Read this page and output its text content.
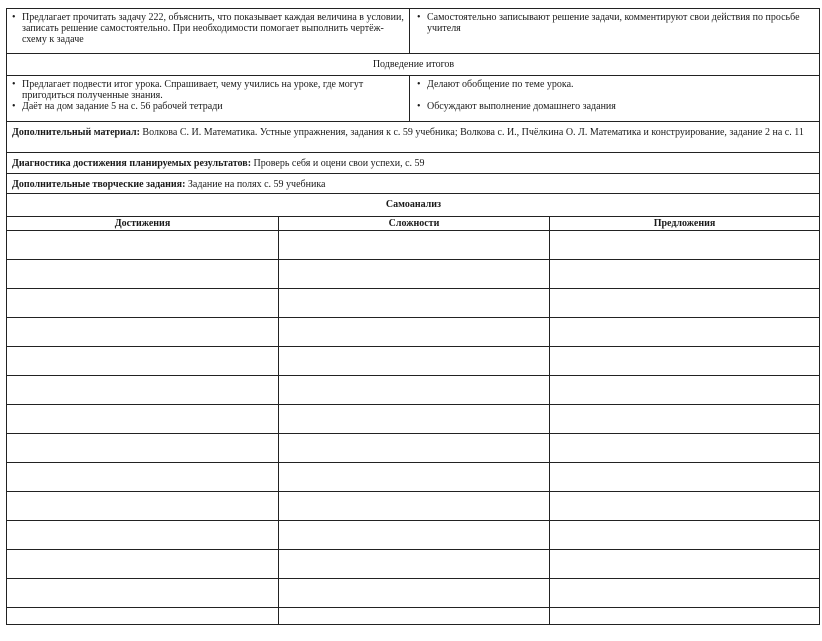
• Предлагает прочитать задачу 222, объяснить, что показывает каждая величина в условии, записать решение самостоятельно. При необходимости помогает выполнить чертёж-схему к задаче
• Самостоятельно записывают решение задачи, комментируют свои действия по просьбе учителя
Подведение итогов
• Предлагает подвести итог урока. Спрашивает, чему учились на уроке, где могут пригодиться полученные знания.
• Даёт на дом задание 5 на с. 56 рабочей тетради
• Делают обобщение по теме урока.
• Обсуждают выполнение домашнего задания
Дополнительный материал: Волкова С. И. Математика. Устные упражнения, задания к с. 59 учебника; Волкова с. И., Пчёлкина О. Л. Математика и конструирование, задание 2 на с. 11
Диагностика достижения планируемых результатов: Проверь себя и оцени свои успехи, с. 59
Дополнительные творческие задания: Задание на полях с. 59 учебника
Самоанализ
Достижения	Сложности	Предложения
